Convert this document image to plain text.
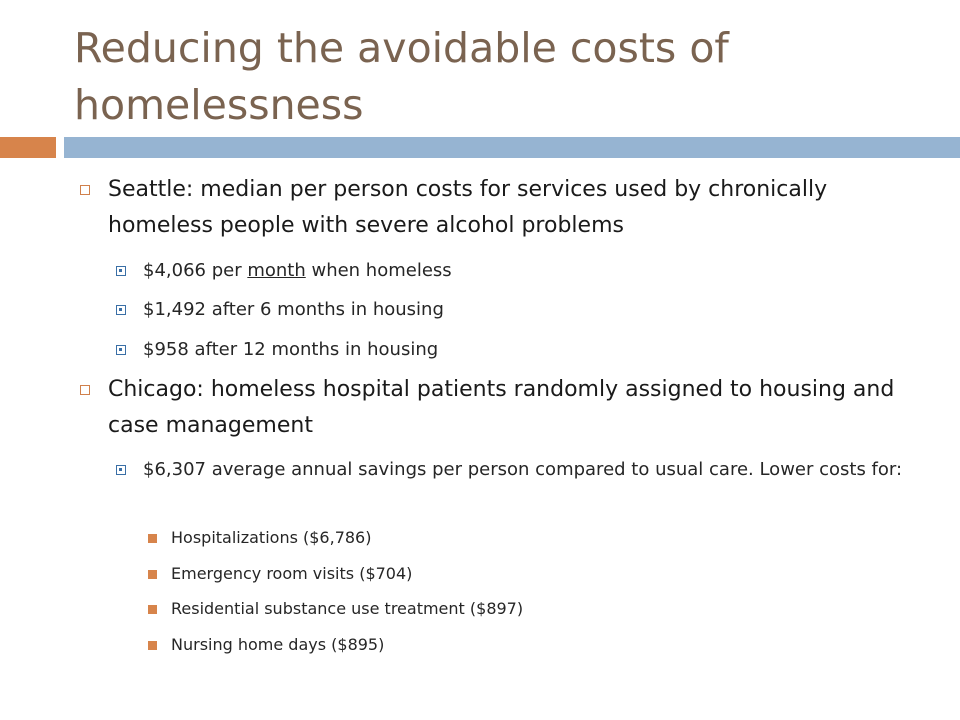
Reducing the avoidable costs of homelessness
Seattle: median per person costs for services used by chronically homeless people with severe alcohol problems
$4,066 per month when homeless
$1,492 after 6 months in housing
$958 after 12 months in housing
Chicago: homeless hospital patients randomly assigned to housing and case management
$6,307 average annual savings per person compared to usual care. Lower costs for:
Hospitalizations ($6,786)
Emergency room visits ($704)
Residential substance use treatment ($897)
Nursing home days ($895)
